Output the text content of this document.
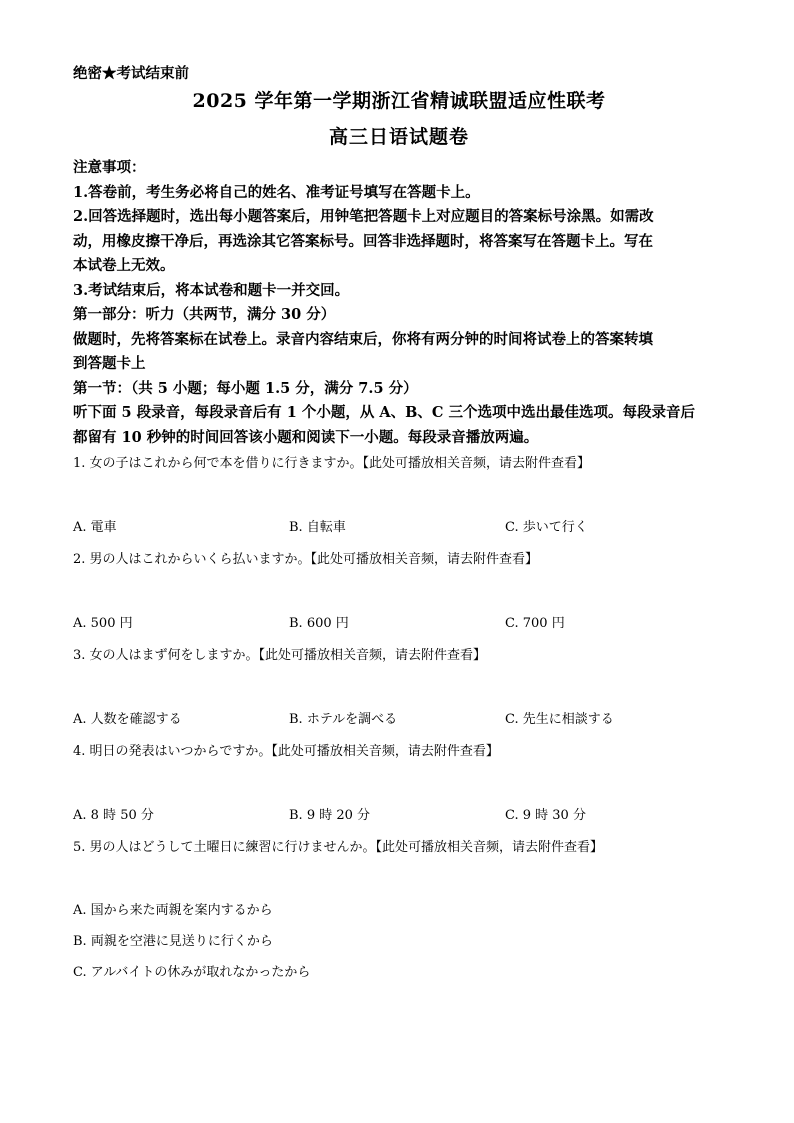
绝密★考试结束前
2025 学年第一学期浙江省精诚联盟适应性联考
高三日语试题卷
注意事项：
1.答卷前，考生务必将自己的姓名、准考证号填写在答题卡上。
2.回答选择题时，选出每小题答案后，用钟笔把答题卡上对应题目的答案标号涂黑。如需改
动，用橡皮擦干净后，再选涂其它答案标号。回答非选择题时，将答案写在答题卡上。写在
本试卷上无效。
3.考试结束后，将本试卷和题卡一并交回。
第一部分：听力（共两节，满分 30 分）
做题时，先将答案标在试卷上。录音内容结束后，你将有两分钟的时间将试卷上的答案转填
到答题卡上
第一节：（共 5 小题；每小题 1.5 分，满分 7.5 分）
听下面 5 段录音，每段录音后有 1 个小题，从 A、B、C 三个选项中选出最佳选项。每段录音后
都留有 10 秒钟的时间回答该小题和阅读下一小题。每段录音播放两遍。
1. 女の子はこれから何で本を借りに行きますか。【此处可播放相关音频，请去附件查看】
A. 電車	B. 自転車	C. 歩いて行く
2. 男の人はこれからいくら払いますか。【此处可播放相关音频，请去附件查看】
A. 500 円	B. 600 円	C. 700 円
3. 女の人はまず何をしますか。【此处可播放相关音频，请去附件查看】
A. 人数を確認する	B. ホテルを調べる	C. 先生に相談する
4. 明日の発表はいつからですか。【此处可播放相关音频，请去附件查看】
A. 8 時 50 分	B. 9 時 20 分	C. 9 時 30 分
5. 男の人はどうして土曜日に練習に行けませんか。【此处可播放相关音频，请去附件查看】
A. 国から来た両親を案内するから
B. 両親を空港に見送りに行くから
C. アルバイトの休みが取れなかったから
